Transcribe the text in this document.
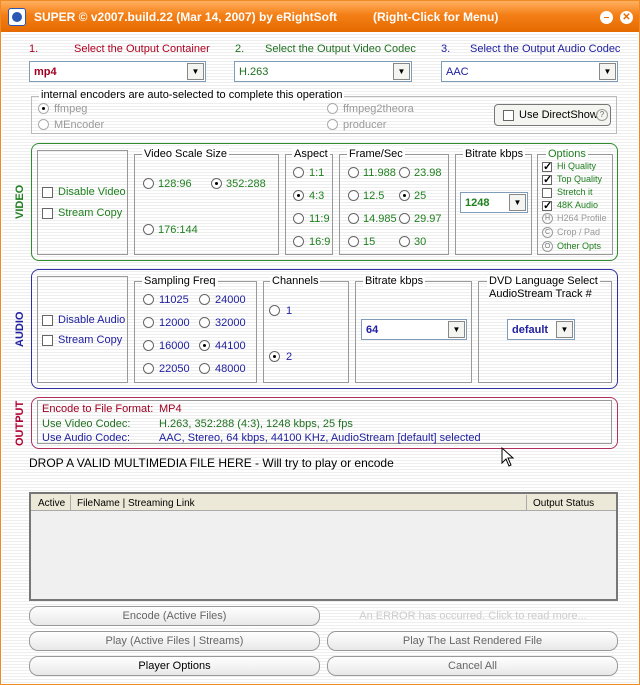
SUPER © v2007.build.22 (Mar 14, 2007) by eRightSoft	(Right-Click for Menu)	–	✕
1.	Select the Output Container 2. Select the Output Video Codec 3. Select the Output Audio Codec
mp4	▼	H.263	▼	AAC	▼
internal encoders are auto-selected to complete this operation
ffmpeg
MEncoder
ffmpeg2theora
producer
Use DirectShow ?
VIDEO	Disable Video
Stream Copy
Video Scale Size
128:96	352:288
176:144
Aspect
1:1
4:3
11:9
16:9
Frame/Sec
11.988 23.98
12.5	25
14.985 29.97
15	30
Bitrate kbps
1248	▼
Options
✓
Hi Quality
✓
Top Quality
Stretch it
✓
48K Audio
H H264 Profile
C Crop / Pad
O Other Opts
AUDIO	Disable Audio
Stream Copy
Sampling Freq
11025 24000
12000 32000
16000 44100
22050 48000
Channels
1
2
Bitrate kbps
64	▼
DVD Language Select
AudioStream Track #
default	▼
OUTPUT Encode to File Format: MP4
Use Video Codec:	H.263, 352:288 (4:3), 1248 kbps, 25 fps
Use Audio Codec:	AAC, Stereo, 64 kbps, 44100 KHz, AudioStream [default] selected
DROP A VALID MULTIMEDIA FILE HERE - Will try to play or encode
Active FileName | Streaming Link	Output Status
Encode (Active Files)	An ERROR has occurred. Click to read more...
Play (Active Files | Streams)	Play The Last Rendered File
Player Options	Cancel All
